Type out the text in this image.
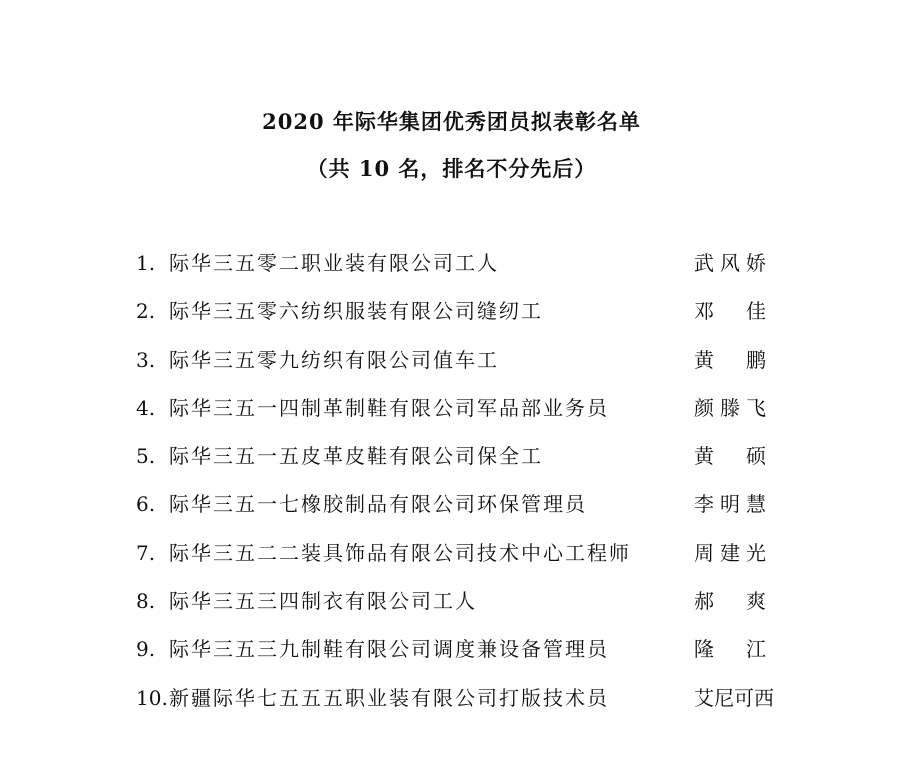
2020 年际华集团优秀团员拟表彰名单
（共 10 名，排名不分先后）
1. 际华三五零二职业装有限公司工人	武风娇
2. 际华三五零六纺织服装有限公司缝纫工	邓　佳
3. 际华三五零九纺织有限公司值车工	黄　鹏
4. 际华三五一四制革制鞋有限公司军品部业务员	颜滕飞
5. 际华三五一五皮革皮鞋有限公司保全工	黄　硕
6. 际华三五一七橡胶制品有限公司环保管理员	李明慧
7. 际华三五二二装具饰品有限公司技术中心工程师	周建光
8. 际华三五三四制衣有限公司工人	郝　爽
9. 际华三五三九制鞋有限公司调度兼设备管理员	隆　江
10. 新疆际华七五五五职业装有限公司打版技术员	艾尼可西
